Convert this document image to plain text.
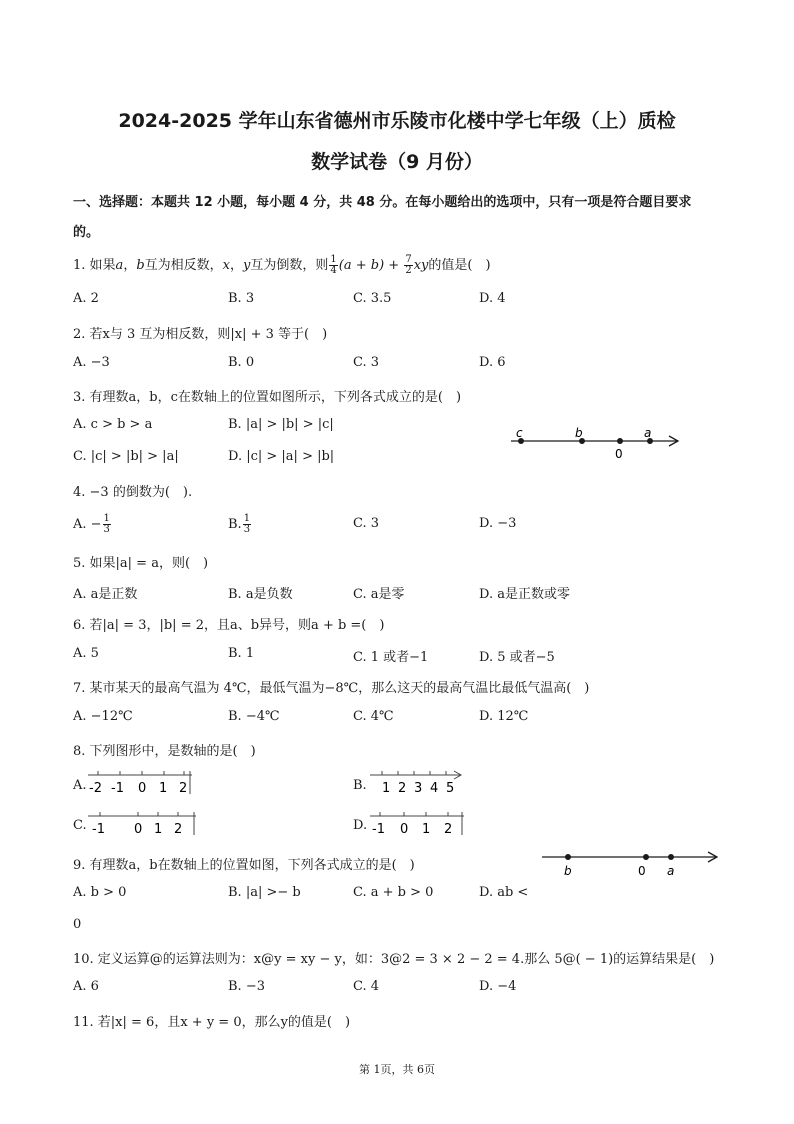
2024-2025 学年山东省德州市乐陵市化楼中学七年级（上）质检
数学试卷（9 月份）
一、选择题：本题共 12 小题，每小题 4 分，共 48 分。在每小题给出的选项中，只有一项是符合题目要求
的。
1. 如果a，b互为相反数，x，y互为倒数，则 $\frac{1}{4} (a + b) + \frac{7}{2}$ xy的值是(　)
A. 2	B. 3	C. 3.5	D. 4
2. 若x与 3 互为相反数，则|x| + 3 等于(　)
A. −3	B. 0	C. 3	D. 6
3. 有理数a，b，c在数轴上的位置如图所示，下列各式成立的是(　)
A. c > b > a	B. |a| > |b| > |c|
C. |c| > |b| > |a|	D. |c| > |a| > |b|
c	b
0
a
4. −3 的倒数为(　).
A. − $\frac{1}{3}$	B. $\frac{1}{3}$	C. 3	D. −3
5. 如果|a| = a，则(　)
A. a是正数	B. a是负数	C. a是零	D. a是正数或零
6. 若|a| = 3，|b| = 2，且a、b异号，则a + b =(　)
A. 5	B. 1	C. 1 或者−1	D. 5 或者−5
7. 某市某天的最高气温为 4℃，最低气温为−8℃，那么这天的最高气温比最低气温高(　)
A. −12℃	B. −4℃	C. 4℃	D. 12℃
8. 下列图形中，是数轴的是(　)
A. -2 -1 0 1 2	B. 1 2 3 4 5
C. -1 0 1 2	D. -1 0 1 2
9. 有理数a，b在数轴上的位置如图，下列各式成立的是(　)	b	0 a
A. b > 0	B. |a| >− b	C. a + b > 0	D. ab <
0
10. 定义运算@的运算法则为：x@y = xy − y，如：3@2 = 3 × 2 − 2 = 4.那么 5@( − 1)的运算结果是(　)
A. 6	B. −3	C. 4	D. −4
11. 若|x| = 6，且x + y = 0，那么y的值是(　)
第 1页，共 6页
